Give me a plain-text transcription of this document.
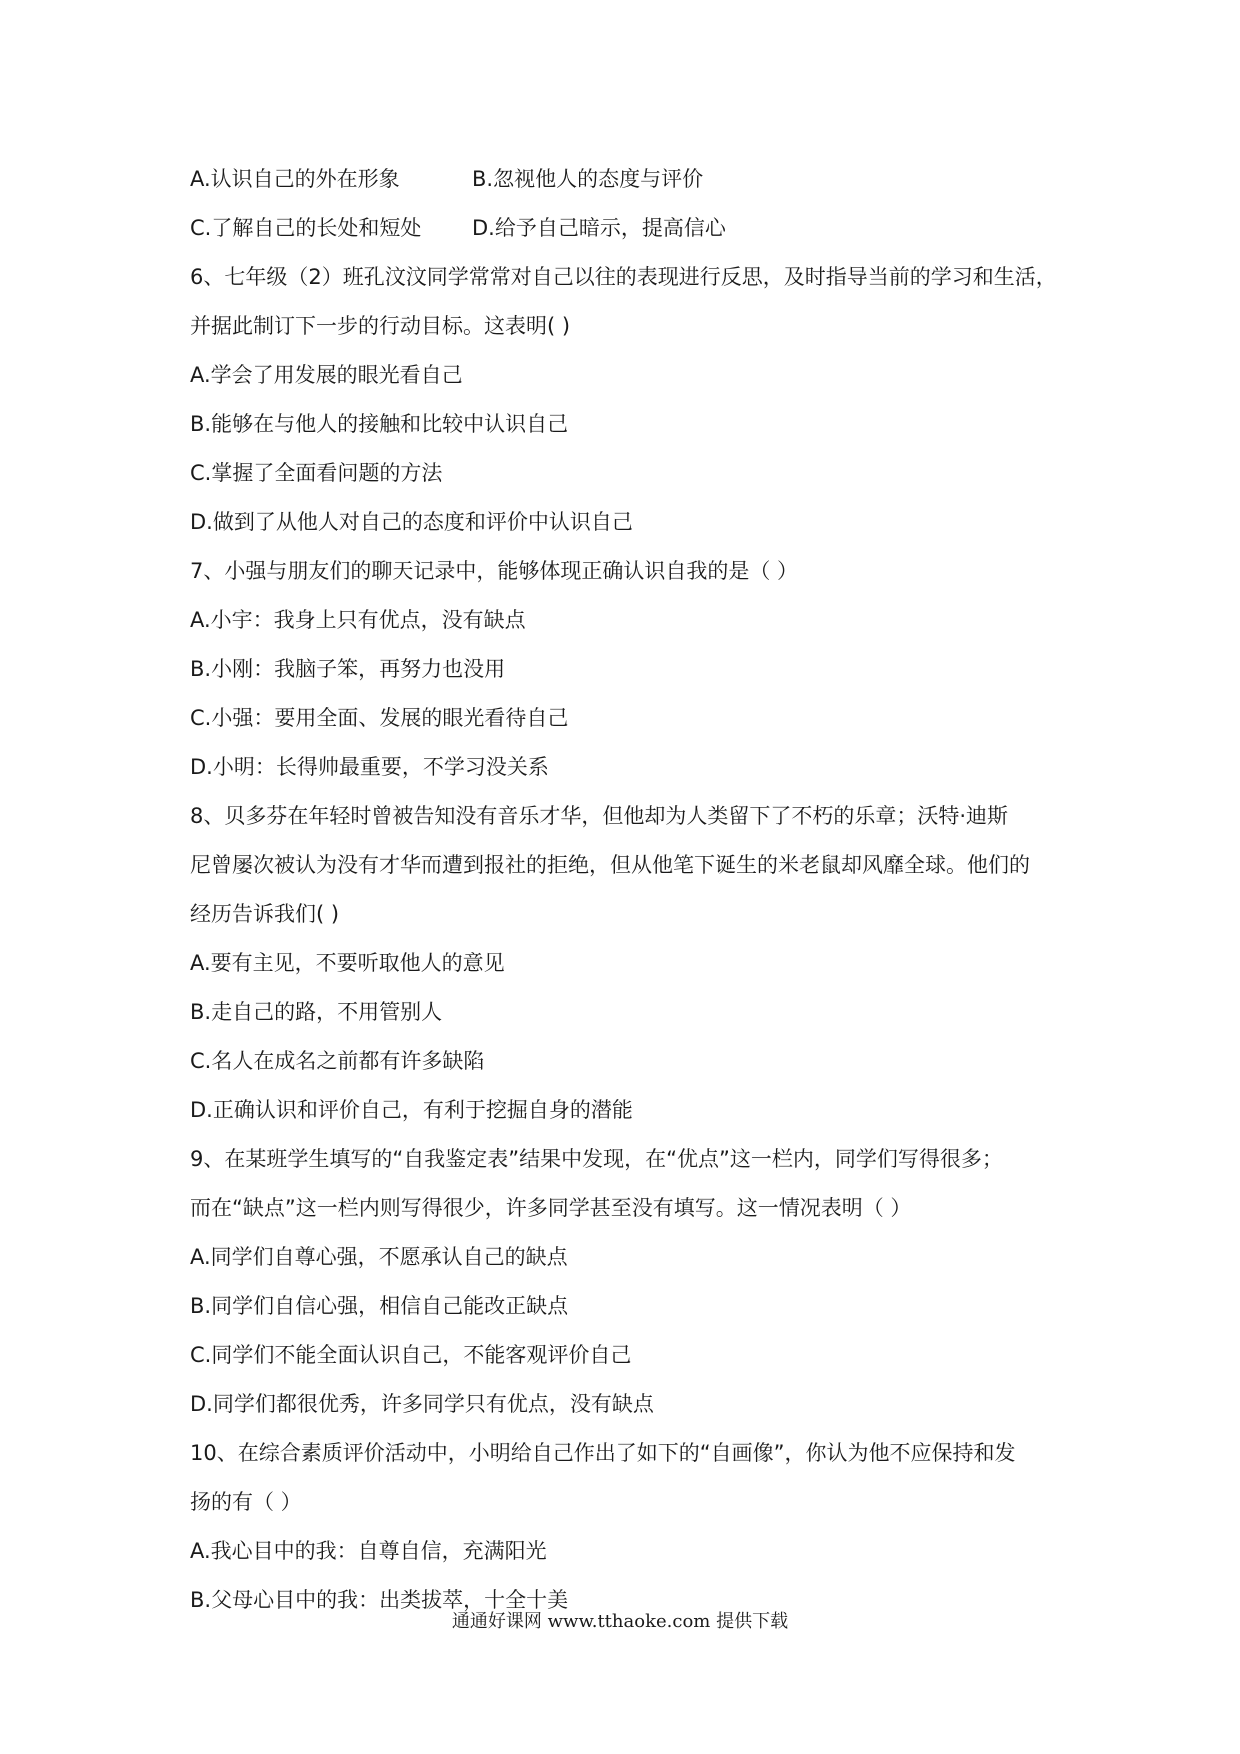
A.认识自己的外在形象	B.忽视他人的态度与评价
C.了解自己的长处和短处	D.给予自己暗示，提高信心
6、七年级（2）班孔汶汶同学常常对自己以往的表现进行反思，及时指导当前的学习和生活，
并据此制订下一步的行动目标。这表明( )
A.学会了用发展的眼光看自己
B.能够在与他人的接触和比较中认识自己
C.掌握了全面看问题的方法
D.做到了从他人对自己的态度和评价中认识自己
7、小强与朋友们的聊天记录中，能够体现正确认识自我的是（ ）
A.小宇：我身上只有优点，没有缺点
B.小刚：我脑子笨，再努力也没用
C.小强：要用全面、发展的眼光看待自己
D.小明：长得帅最重要，不学习没关系
8、贝多芬在年轻时曾被告知没有音乐才华，但他却为人类留下了不朽的乐章；沃特·迪斯
尼曾屡次被认为没有才华而遭到报社的拒绝，但从他笔下诞生的米老鼠却风靡全球。他们的
经历告诉我们( )
A.要有主见，不要听取他人的意见
B.走自己的路，不用管别人
C.名人在成名之前都有许多缺陷
D.正确认识和评价自己，有利于挖掘自身的潜能
9、在某班学生填写的“自我鉴定表”结果中发现，在“优点”这一栏内，同学们写得很多；
而在“缺点”这一栏内则写得很少，许多同学甚至没有填写。这一情况表明（ ）
A.同学们自尊心强，不愿承认自己的缺点
B.同学们自信心强，相信自己能改正缺点
C.同学们不能全面认识自己，不能客观评价自己
D.同学们都很优秀，许多同学只有优点，没有缺点
10、在综合素质评价活动中，小明给自己作出了如下的“自画像”，你认为他不应保持和发
扬的有（ ）
A.我心目中的我：自尊自信，充满阳光
B.父母心目中的我：出类拔萃，十全十美
通通好课网 www.tthaoke.com 提供下载
